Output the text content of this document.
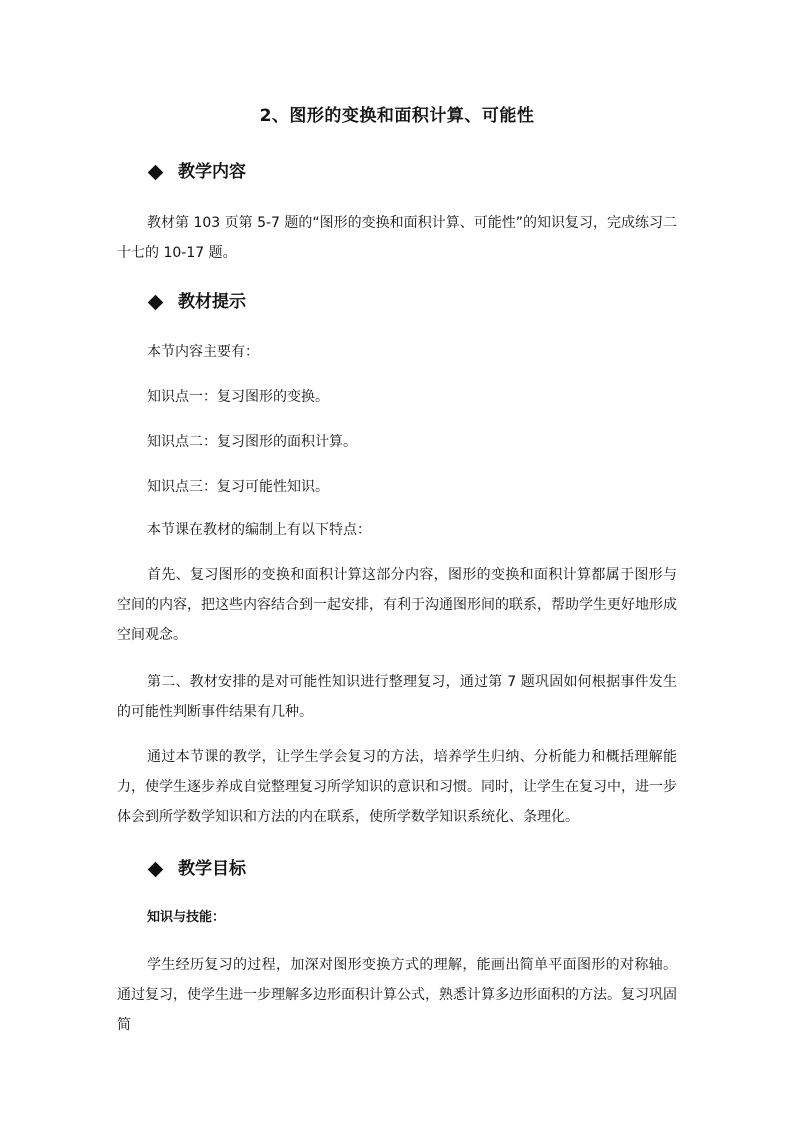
2、图形的变换和面积计算、可能性
教学内容
教材第 103 页第 5-7 题的“图形的变换和面积计算、可能性”的知识复习，完成练习二十七的 10-17 题。
教材提示
本节内容主要有：
知识点一：复习图形的变换。
知识点二：复习图形的面积计算。
知识点三：复习可能性知识。
本节课在教材的编制上有以下特点：
首先、复习图形的变换和面积计算这部分内容，图形的变换和面积计算都属于图形与空间的内容，把这些内容结合到一起安排，有利于沟通图形间的联系，帮助学生更好地形成空间观念。
第二、教材安排的是对可能性知识进行整理复习，通过第 7 题巩固如何根据事件发生的可能性判断事件结果有几种。
通过本节课的教学，让学生学会复习的方法，培养学生归纳、分析能力和概括理解能力，使学生逐步养成自觉整理复习所学知识的意识和习惯。同时，让学生在复习中，进一步体会到所学数学知识和方法的内在联系，使所学数学知识系统化、条理化。
教学目标
知识与技能：
学生经历复习的过程，加深对图形变换方式的理解，能画出简单平面图形的对称轴。通过复习，使学生进一步理解多边形面积计算公式，熟悉计算多边形面积的方法。复习巩固简
